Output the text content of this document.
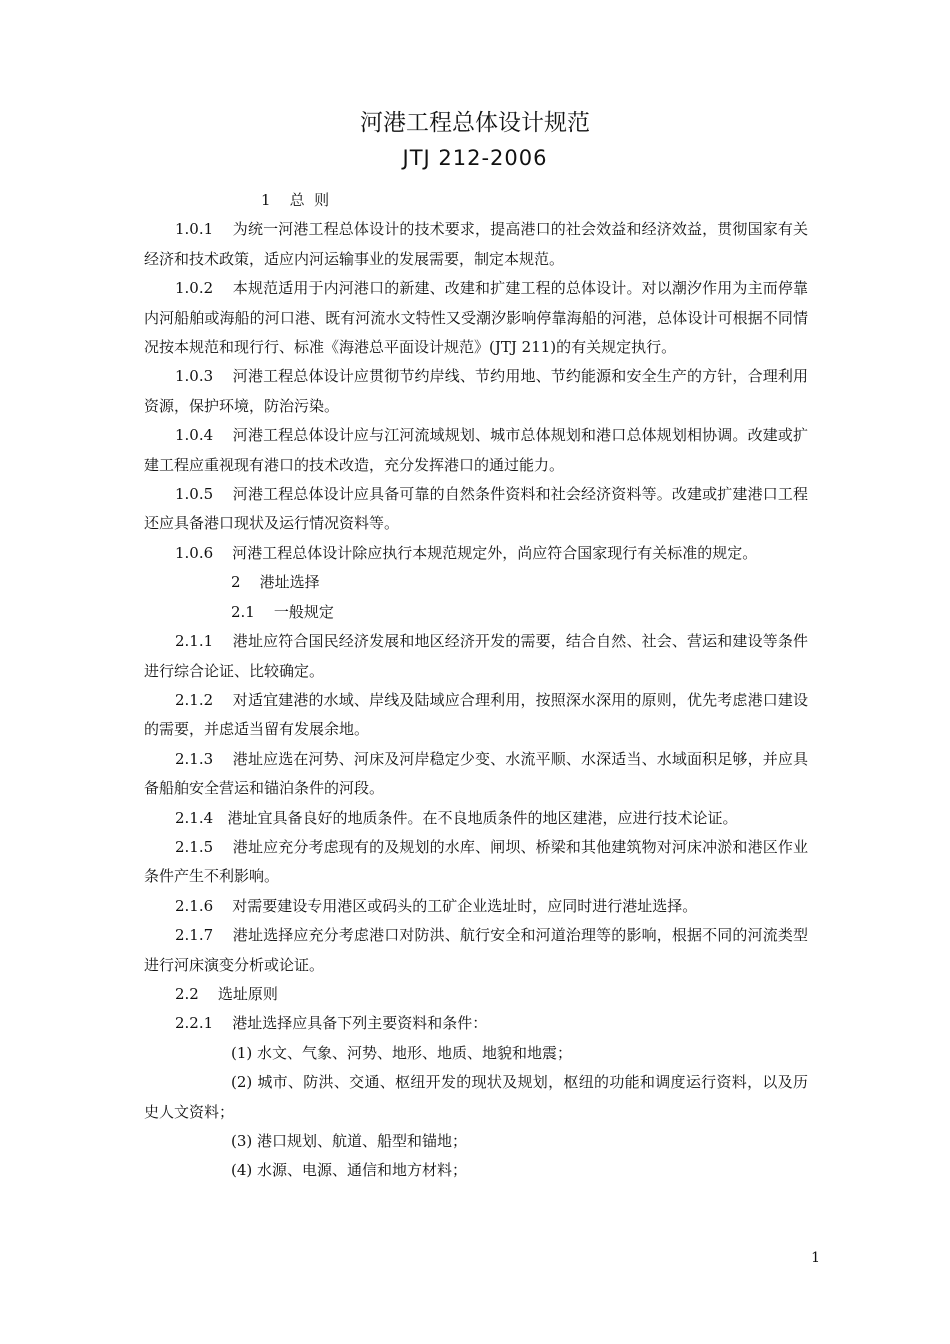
河港工程总体设计规范
JTJ 212-2006

1    总  则

1.0.1    为统一河港工程总体设计的技术要求，提高港口的社会效益和经济效益，贯彻国家有关经济和技术政策，适应内河运输事业的发展需要，制定本规范。

1.0.2    本规范适用于内河港口的新建、改建和扩建工程的总体设计。对以潮汐作用为主而停靠内河船舶或海船的河口港、既有河流水文特性又受潮汐影响停靠海船的河港，总体设计可根据不同情况按本规范和现行行、标准《海港总平面设计规范》(JTJ 211)的有关规定执行。

1.0.3    河港工程总体设计应贯彻节约岸线、节约用地、节约能源和安全生产的方针，合理利用资源，保护环境，防治污染。

1.0.4    河港工程总体设计应与江河流域规划、城市总体规划和港口总体规划相协调。改建或扩建工程应重视现有港口的技术改造，充分发挥港口的通过能力。

1.0.5    河港工程总体设计应具备可靠的自然条件资料和社会经济资料等。改建或扩建港口工程还应具备港口现状及运行情况资料等。

1.0.6    河港工程总体设计除应执行本规范规定外，尚应符合国家现行有关标准的规定。

2    港址选择

2.1    一般规定

2.1.1    港址应符合国民经济发展和地区经济开发的需要，结合自然、社会、营运和建设等条件进行综合论证、比较确定。

2.1.2    对适宜建港的水域、岸线及陆域应合理利用，按照深水深用的原则，优先考虑港口建设的需要，并虑适当留有发展余地。

2.1.3    港址应选在河势、河床及河岸稳定少变、水流平顺、水深适当、水域面积足够，并应具备船舶安全营运和锚泊条件的河段。

2.1.4   港址宜具备良好的地质条件。在不良地质条件的地区建港，应进行技术论证。

2.1.5    港址应充分考虑现有的及规划的水库、闸坝、桥梁和其他建筑物对河床冲淤和港区作业条件产生不利影响。

2.1.6    对需要建设专用港区或码头的工矿企业选址时，应同时进行港址选择。

2.1.7    港址选择应充分考虑港口对防洪、航行安全和河道治理等的影响，根据不同的河流类型进行河床演变分析或论证。

2.2    选址原则

2.2.1    港址选择应具备下列主要资料和条件：

(1) 水文、气象、河势、地形、地质、地貌和地震；

(2) 城市、防洪、交通、枢纽开发的现状及规划，枢纽的功能和调度运行资料，以及历史人文资料；

(3) 港口规划、航道、船型和锚地；

(4) 水源、电源、通信和地方材料；

1
